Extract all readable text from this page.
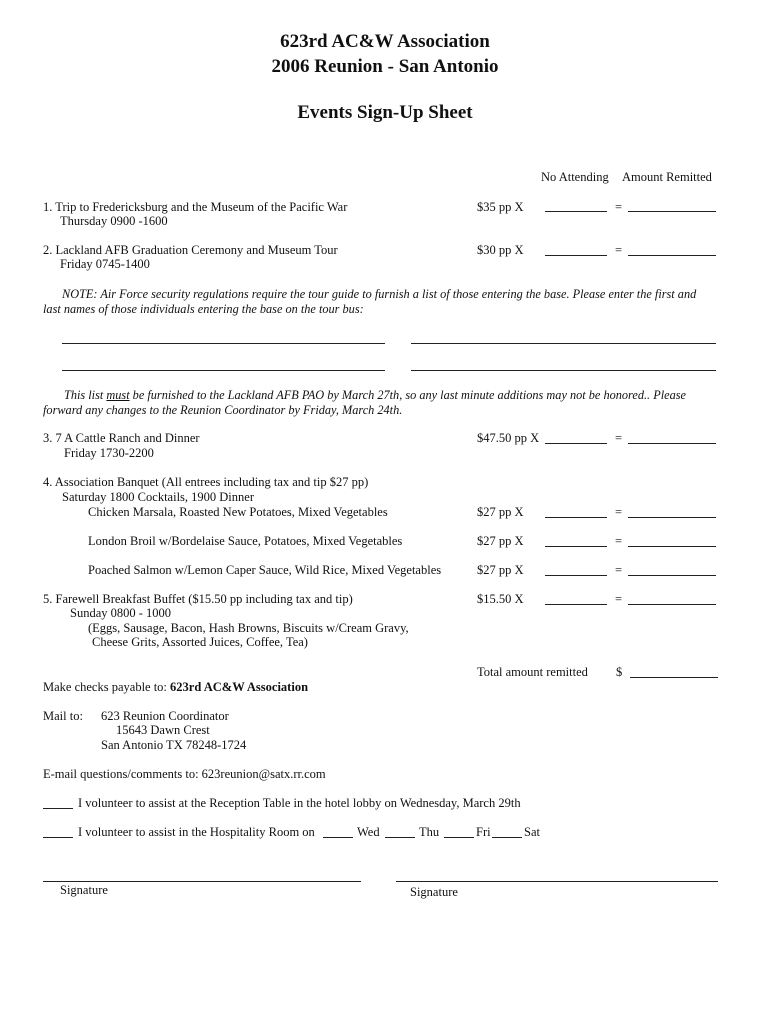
623rd AC&W Association
2006 Reunion - San Antonio
Events Sign-Up Sheet
No Attending Amount Remitted
1. Trip to Fredericksburg and the Museum of the Pacific War
Thursday 0900 -1600
$35 pp X	=
2. Lackland AFB Graduation Ceremony and Museum Tour
Friday 0745-1400
$30 pp X	=
NOTE: Air Force security regulations require the tour guide to furnish a list of those entering the base. Please enter the first and
last names of those individuals entering the base on the tour bus:
This list must be furnished to the Lackland AFB PAO by March 27th, so any last minute additions may not be honored.. Please
forward any changes to the Reunion Coordinator by Friday, March 24th.
3. 7 A Cattle Ranch and Dinner
Friday 1730-2200
$47.50 pp X	=
4. Association Banquet (All entrees including tax and tip $27 pp)
Saturday 1800 Cocktails, 1900 Dinner
Chicken Marsala, Roasted New Potatoes, Mixed Vegetables	$27 pp X	=
London Broil w/Bordelaise Sauce, Potatoes, Mixed Vegetables	$27 pp X	=
Poached Salmon w/Lemon Caper Sauce, Wild Rice, Mixed Vegetables	$27 pp X	=
5. Farewell Breakfast Buffet ($15.50 pp including tax and tip)
Sunday 0800 - 1000
(Eggs, Sausage, Bacon, Hash Browns, Biscuits w/Cream Gravy,
Cheese Grits, Assorted Juices, Coffee, Tea)
$15.50 X	=
Total amount remitted $
Make checks payable to: 623rd AC&W Association
Mail to: 623 Reunion Coordinator
15643 Dawn Crest
San Antonio TX 78248-1724
E-mail questions/comments to: 623reunion@satx.rr.com
I volunteer to assist at the Reception Table in the hotel lobby on Wednesday, March 29th
I volunteer to assist in the Hospitality Room on	Wed	Thu	Fri	Sat
Signature	Signature
